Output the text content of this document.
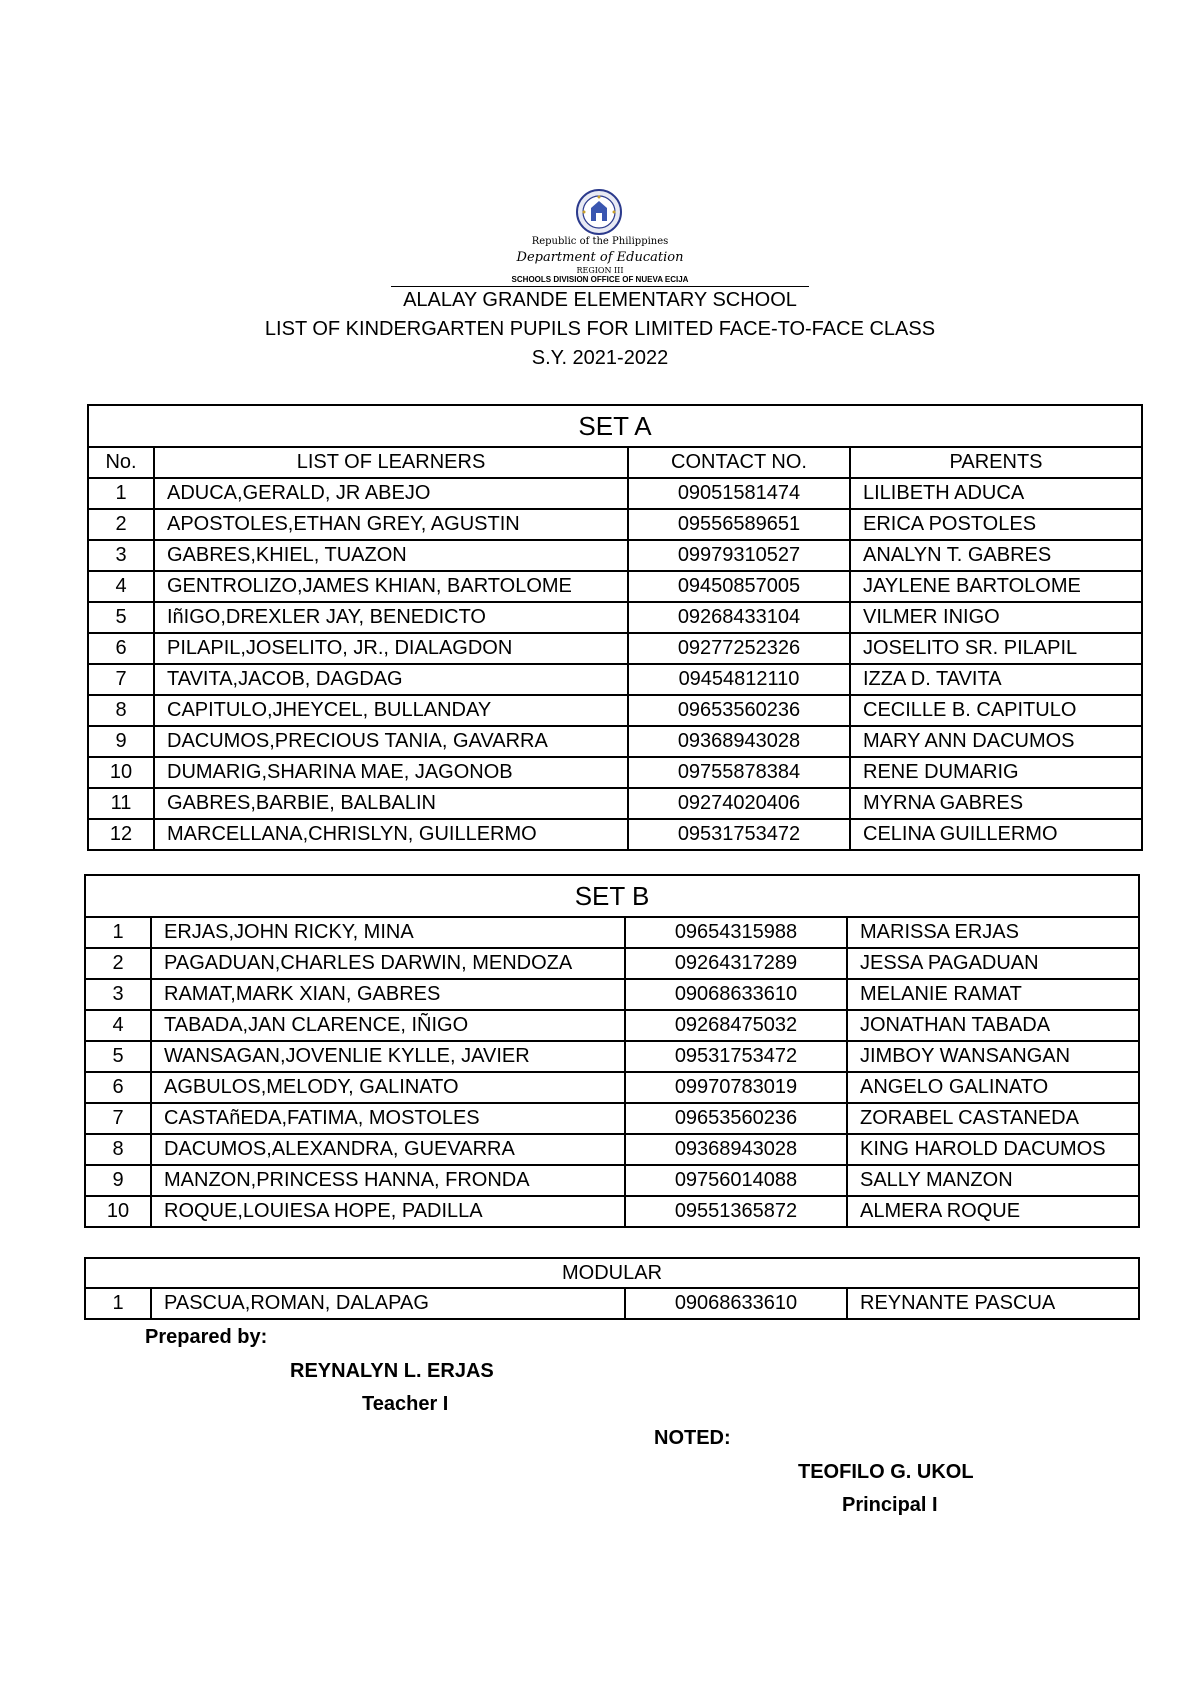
Republic of the Philippines
Department of Education
REGION III
SCHOOLS DIVISION OFFICE OF NUEVA ECIJA
ALALAY GRANDE ELEMENTARY SCHOOL
LIST OF KINDERGARTEN PUPILS FOR LIMITED FACE-TO-FACE CLASS
S.Y. 2021-2022
SET A			
No.	LIST OF LEARNERS	CONTACT NO.	PARENTS
1	ADUCA,GERALD, JR ABEJO	09051581474	LILIBETH ADUCA
2	APOSTOLES,ETHAN GREY, AGUSTIN	09556589651	ERICA POSTOLES
3	GABRES,KHIEL, TUAZON	09979310527	ANALYN T. GABRES
4	GENTROLIZO,JAMES KHIAN, BARTOLOME	09450857005	JAYLENE BARTOLOME
5	IñIGO,DREXLER JAY, BENEDICTO	09268433104	VILMER INIGO
6	PILAPIL,JOSELITO, JR., DIALAGDON	09277252326	JOSELITO SR. PILAPIL
7	TAVITA,JACOB, DAGDAG	09454812110	IZZA D. TAVITA
8	CAPITULO,JHEYCEL, BULLANDAY	09653560236	CECILLE B. CAPITULO
9	DACUMOS,PRECIOUS TANIA, GAVARRA	09368943028	MARY ANN DACUMOS
10	DUMARIG,SHARINA MAE, JAGONOB	09755878384	RENE DUMARIG
11	GABRES,BARBIE, BALBALIN	09274020406	MYRNA GABRES
12	MARCELLANA,CHRISLYN, GUILLERMO	09531753472	CELINA GUILLERMO
SET B			
1	ERJAS,JOHN RICKY, MINA	09654315988	MARISSA ERJAS
2	PAGADUAN,CHARLES DARWIN, MENDOZA	09264317289	JESSA PAGADUAN
3	RAMAT,MARK XIAN, GABRES	09068633610	MELANIE RAMAT
4	TABADA,JAN CLARENCE, IÑIGO	09268475032	JONATHAN TABADA
5	WANSAGAN,JOVENLIE KYLLE, JAVIER	09531753472	JIMBOY WANSANGAN
6	AGBULOS,MELODY, GALINATO	09970783019	ANGELO GALINATO
7	CASTAñEDA,FATIMA, MOSTOLES	09653560236	ZORABEL CASTANEDA
8	DACUMOS,ALEXANDRA, GUEVARRA	09368943028	KING HAROLD DACUMOS
9	MANZON,PRINCESS HANNA, FRONDA	09756014088	SALLY MANZON
10	ROQUE,LOUIESA HOPE, PADILLA	09551365872	ALMERA ROQUE
MODULAR
1	PASCUA,ROMAN, DALAPAG	09068633610	REYNANTE PASCUA
Prepared by:
REYNALYN L. ERJAS
Teacher I
NOTED:
TEOFILO G. UKOL
Principal I
